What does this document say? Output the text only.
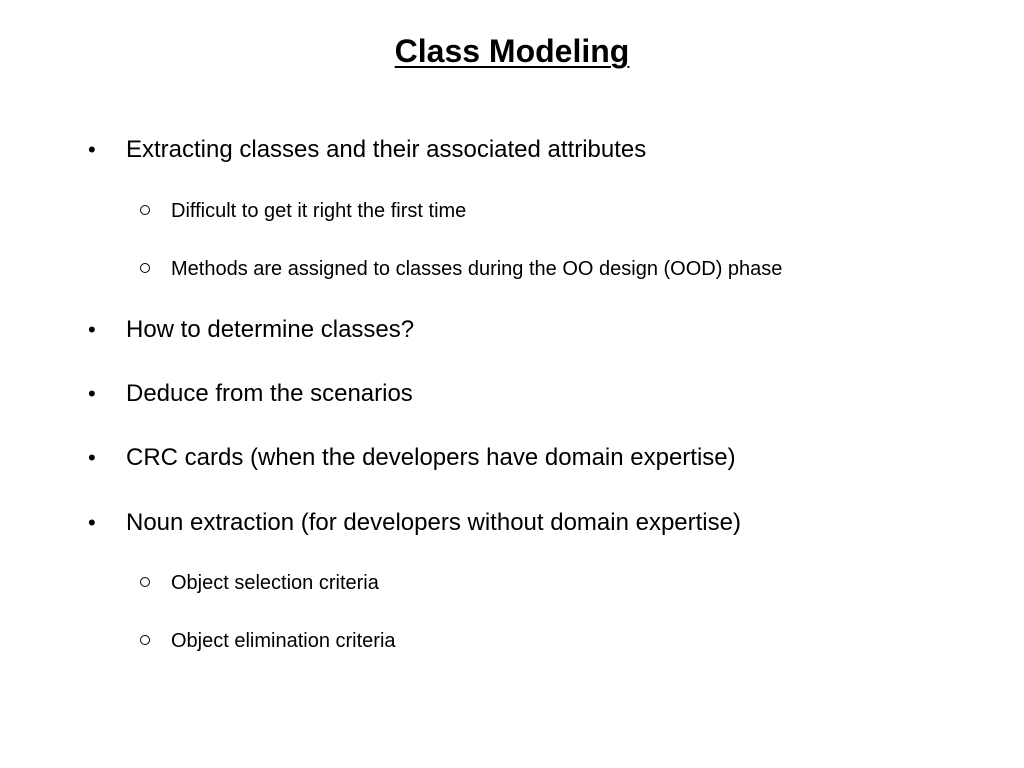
Class Modeling
• Extracting classes and their associated attributes
Difficult to get it right the first time
Methods are assigned to classes during the OO design (OOD) phase
• How to determine classes?
• Deduce from the scenarios
• CRC cards (when the developers have domain expertise)
• Noun extraction (for developers without domain expertise)
Object selection criteria
Object elimination criteria
